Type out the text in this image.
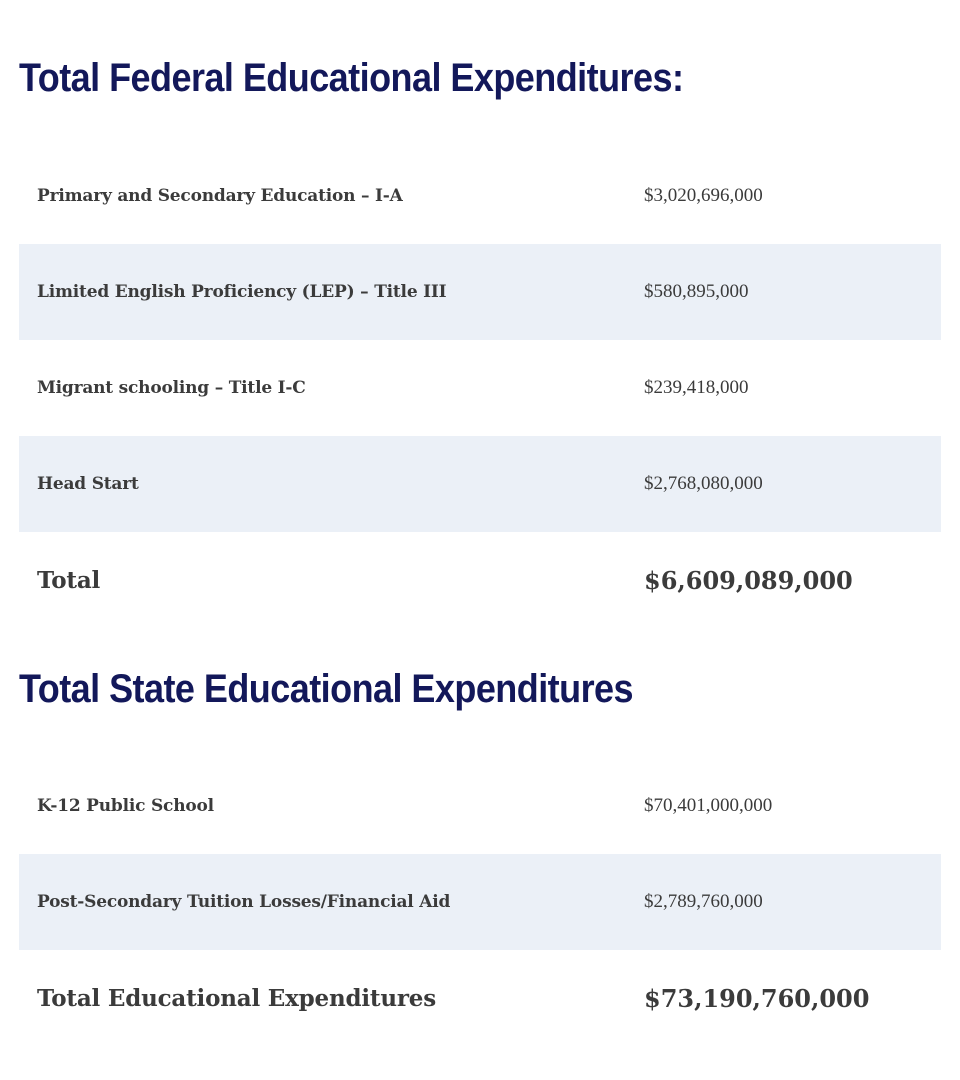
Total Federal Educational Expenditures:
Primary and Secondary Education – I-A	$3,020,696,000
Limited English Proficiency (LEP) – Title III	$580,895,000
Migrant schooling – Title I-C	$239,418,000
Head Start	$2,768,080,000
Total	$6,609,089,000
Total State Educational Expenditures
K-12 Public School	$70,401,000,000
Post-Secondary Tuition Losses/Financial Aid	$2,789,760,000
Total Educational Expenditures	$73,190,760,000
